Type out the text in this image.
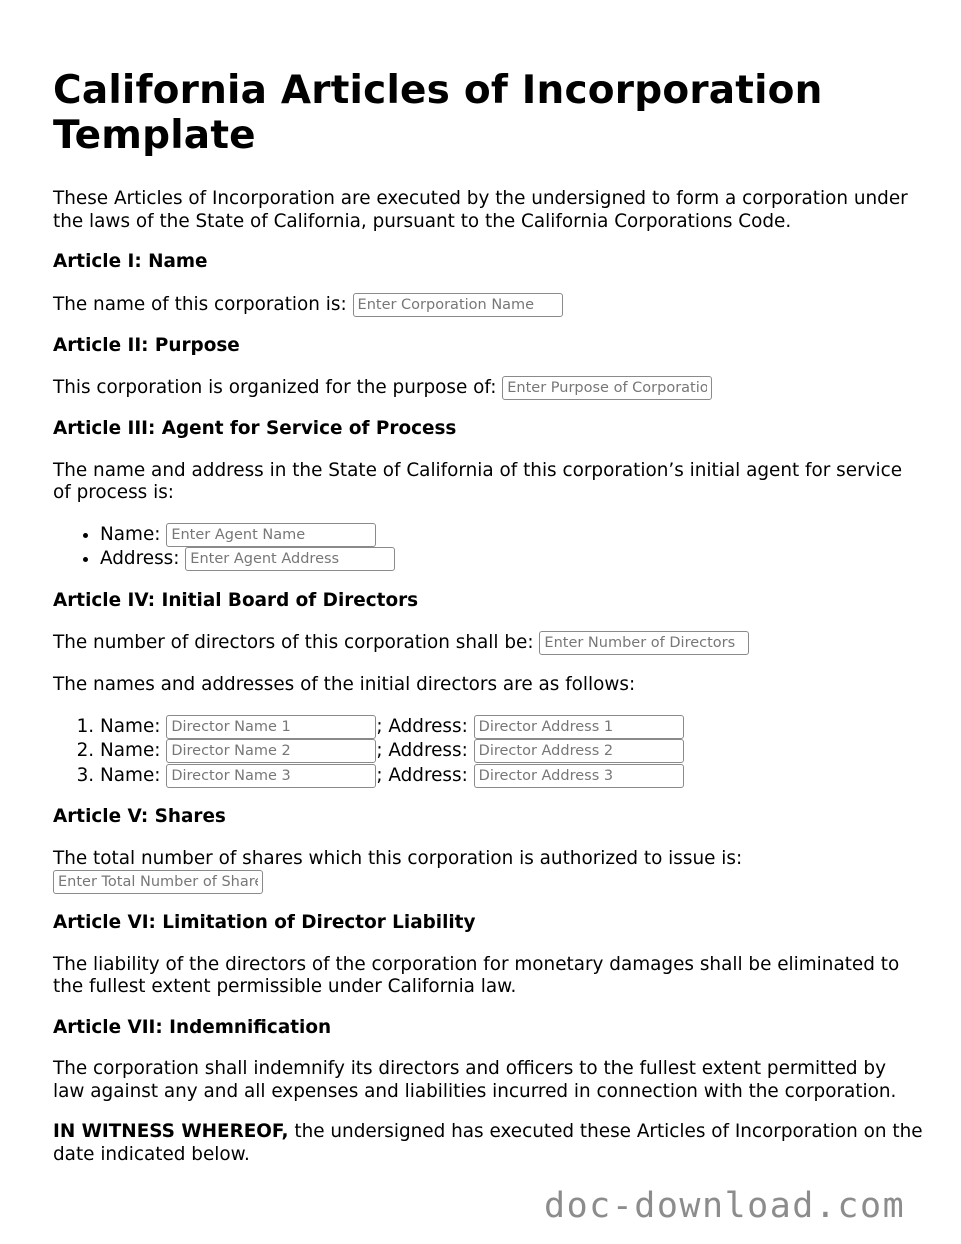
California Articles of Incorporation Template

These Articles of Incorporation are executed by the undersigned to form a corporation under the laws of the State of California, pursuant to the California Corporations Code.

Article I: Name

The name of this corporation is: Enter Corporation Name

Article II: Purpose

This corporation is organized for the purpose of: Enter Purpose of Corporation

Article III: Agent for Service of Process

The name and address in the State of California of this corporation’s initial agent for service of process is:

• Name: Enter Agent Name
• Address: Enter Agent Address
Article IV: Initial Board of Directors

The number of directors of this corporation shall be: Enter Number of Directors

The names and addresses of the initial directors are as follows:

1. Name: Director Name 1	; Address: Director Address 1
2. Name: Director Name 2	; Address: Director Address 2
3. Name: Director Name 3	; Address: Director Address 3
Article V: Shares

The total number of shares which this corporation is authorized to issue is:
Enter Total Number of Shares

Article VI: Limitation of Director Liability

The liability of the directors of the corporation for monetary damages shall be eliminated to the fullest extent permissible under California law.

Article VII: Indemnification

The corporation shall indemnify its directors and officers to the fullest extent permitted by law against any and all expenses and liabilities incurred in connection with the corporation.

IN WITNESS WHEREOF, the undersigned has executed these Articles of Incorporation on the date indicated below.

doc-download.com
